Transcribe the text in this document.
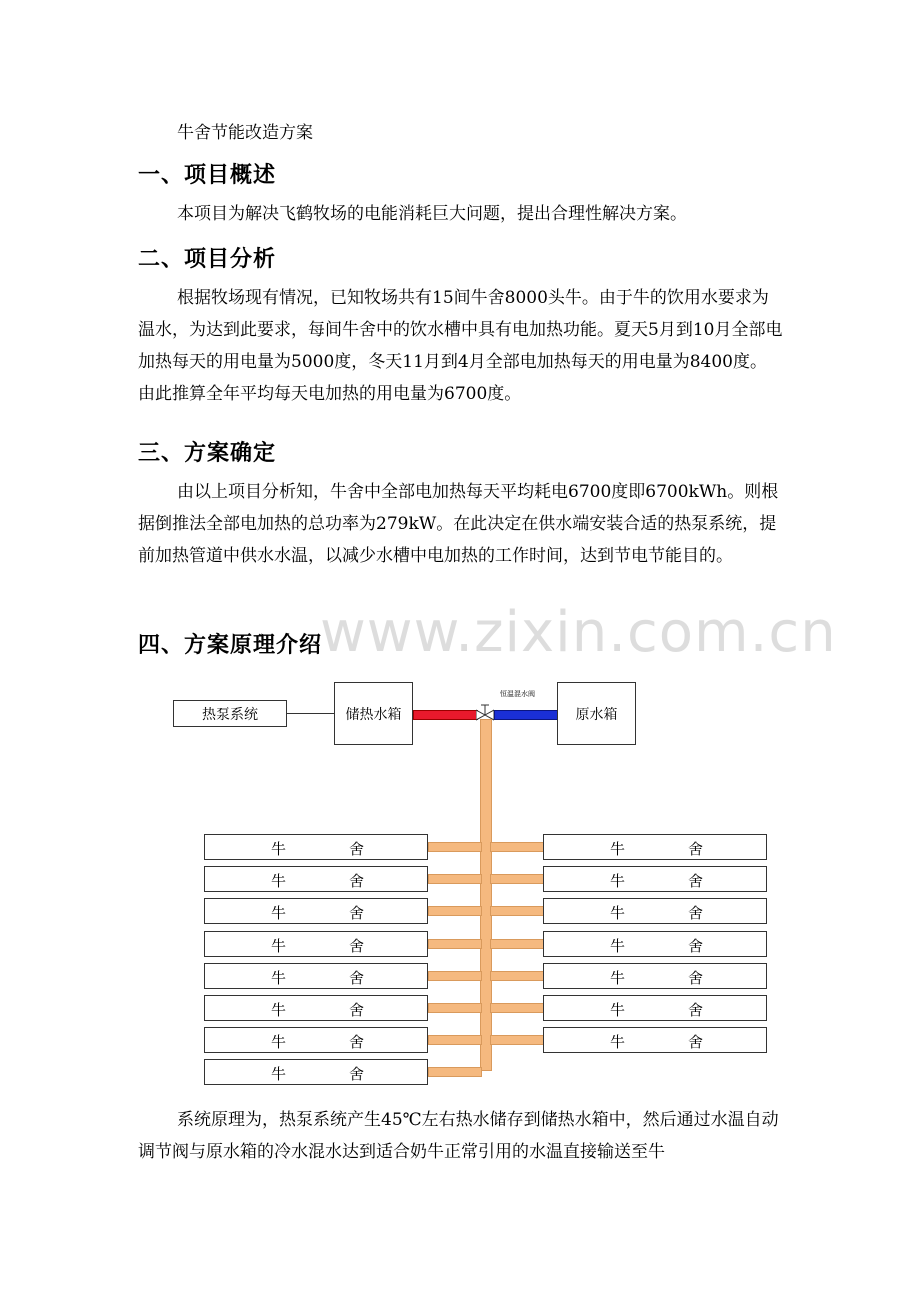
牛舍节能改造方案

一、项目概述

本项目为解决飞鹤牧场的电能消耗巨大问题，提出合理性解决方案。

二、项目分析

根据牧场现有情况，已知牧场共有15间牛舍8000头牛。由于牛的饮用水要求为温水，为达到此要求，每间牛舍中的饮水槽中具有电加热功能。夏天5月到10月全部电加热每天的用电量为5000度，冬天11月到4月全部电加热每天的用电量为8400度。由此推算全年平均每天电加热的用电量为6700度。

三、方案确定

由以上项目分析知，牛舍中全部电加热每天平均耗电6700度即6700kWh。则根据倒推法全部电加热的总功率为279kW。在此决定在供水端安装合适的热泵系统，提前加热管道中供水水温，以减少水槽中电加热的工作时间，达到节电节能目的。

www.zixin.com.cn
四、方案原理介绍
热泵系统	储热水箱
恒温混水阀
原水箱
牛	舍
牛	舍
牛	舍
牛	舍
牛	舍
牛	舍
牛	舍
牛	舍
牛	舍
牛	舍
牛	舍
牛	舍
牛	舍
牛	舍
牛	舍

系统原理为，热泵系统产生45℃左右热水储存到储热水箱中，然后通过水温自动调节阀与原水箱的冷水混水达到适合奶牛正常引用的水温直接输送至牛
